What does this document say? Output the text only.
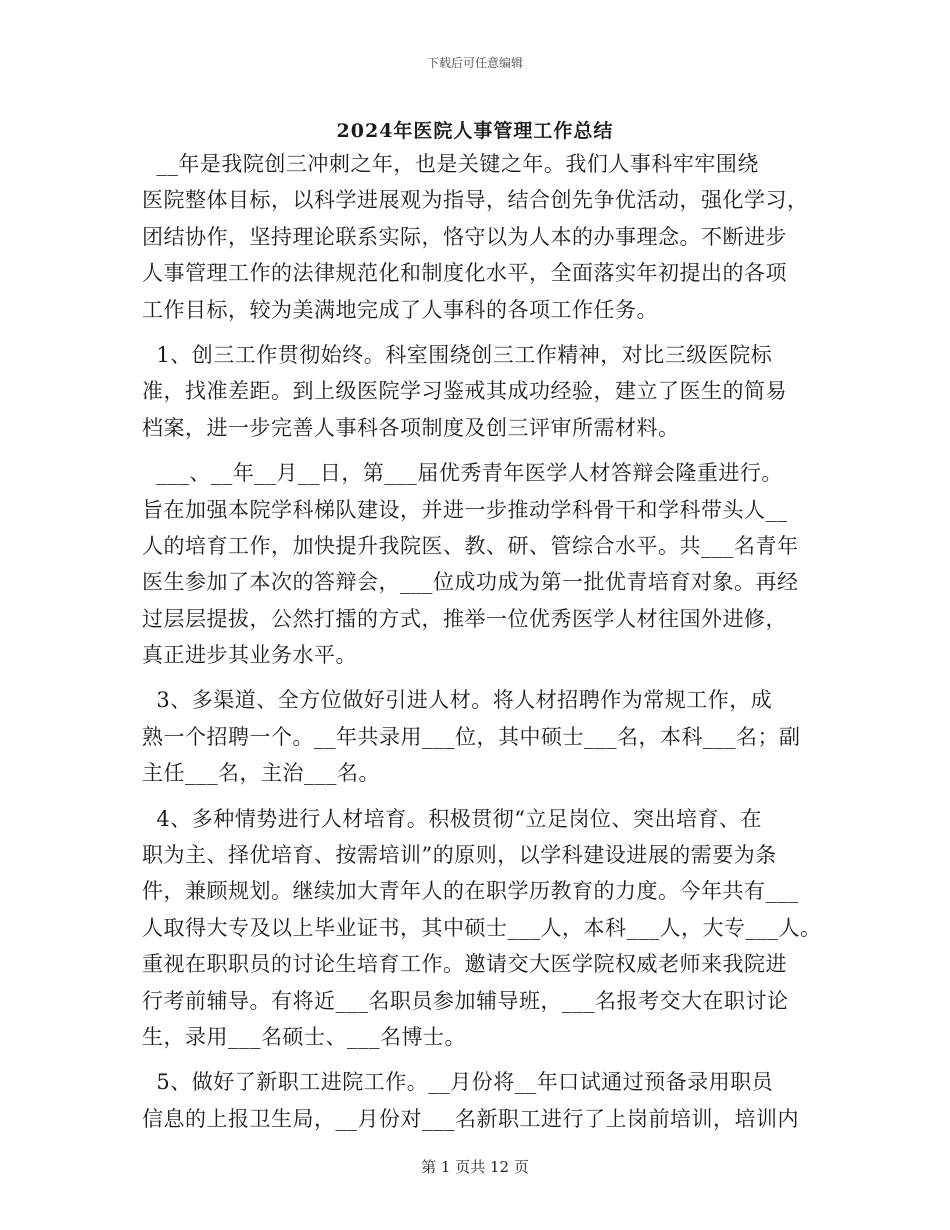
下载后可任意编辑
2024年医院人事管理工作总结
__年是我院创三冲刺之年，也是关键之年。我们人事科牢牢围绕
医院整体目标，以科学进展观为指导，结合创先争优活动，强化学习，
团结协作，坚持理论联系实际，恪守以为人本的办事理念。不断进步
人事管理工作的法律规范化和制度化水平，全面落实年初提出的各项
工作目标，较为美满地完成了人事科的各项工作任务。
1、创三工作贯彻始终。科室围绕创三工作精神，对比三级医院标
准，找准差距。到上级医院学习鉴戒其成功经验，建立了医生的简易
档案，进一步完善人事科各项制度及创三评审所需材料。
___、__年__月__日，第___届优秀青年医学人材答辩会隆重进行。
旨在加强本院学科梯队建设，并进一步推动学科骨干和学科带头人__
人的培育工作，加快提升我院医、教、研、管综合水平。共___名青年
医生参加了本次的答辩会，___位成功成为第一批优青培育对象。再经
过层层提拔，公然打擂的方式，推举一位优秀医学人材往国外进修，
真正进步其业务水平。
3、多渠道、全方位做好引进人材。将人材招聘作为常规工作，成
熟一个招聘一个。__年共录用___位，其中硕士___名，本科___名；副
主任___名，主治___名。
4、多种情势进行人材培育。积极贯彻“立足岗位、突出培育、在
职为主、择优培育、按需培训”的原则，以学科建设进展的需要为条
件，兼顾规划。继续加大青年人的在职学历教育的力度。今年共有___
人取得大专及以上毕业证书，其中硕士___人，本科___人，大专___人。
重视在职职员的讨论生培育工作。邀请交大医学院权威老师来我院进
行考前辅导。有将近___名职员参加辅导班，___名报考交大在职讨论
生，录用___名硕士、___名博士。
5、做好了新职工进院工作。__月份将__年口试通过预备录用职员
信息的上报卫生局，__月份对___名新职工进行了上岗前培训，培训内
第 1 页共 12 页
